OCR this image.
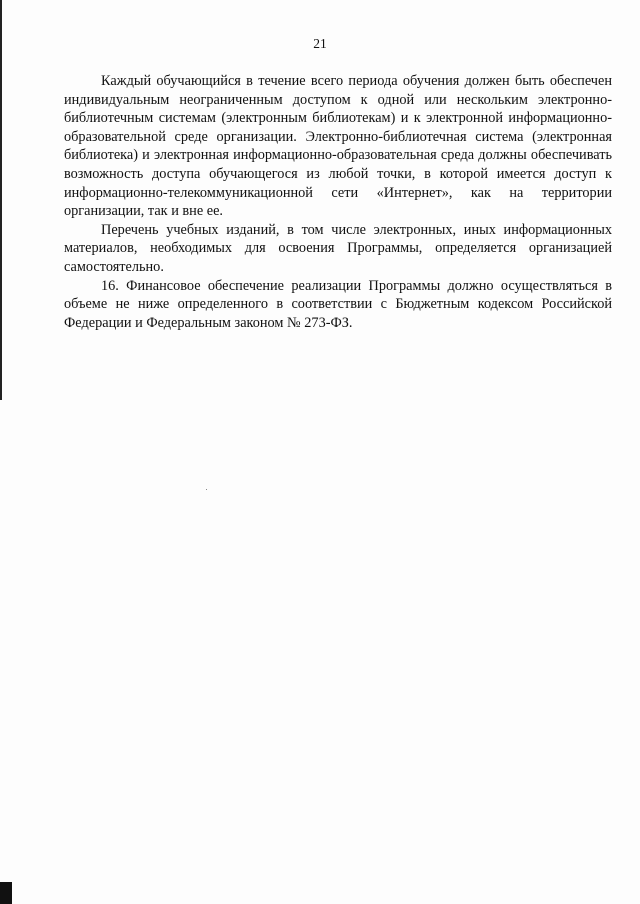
21

Каждый обучающийся в течение всего периода обучения должен быть обеспечен индивидуальным неограниченным доступом к одной или нескольким электронно-библиотечным системам (электронным библиотекам) и к электронной информационно-образовательной среде организации. Электронно-библиотечная система (электронная библиотека) и электронная информационно-образовательная среда должны обеспечивать возможность доступа обучающегося из любой точки, в которой имеется доступ к информационно-телекоммуникационной сети «Интернет», как на территории организации, так и вне ее.

Перечень учебных изданий, в том числе электронных, иных информационных материалов, необходимых для освоения Программы, определяется организацией самостоятельно.

16. Финансовое обеспечение реализации Программы должно осуществляться в объеме не ниже определенного в соответствии с Бюджетным кодексом Российской Федерации и Федеральным законом № 273-ФЗ.
